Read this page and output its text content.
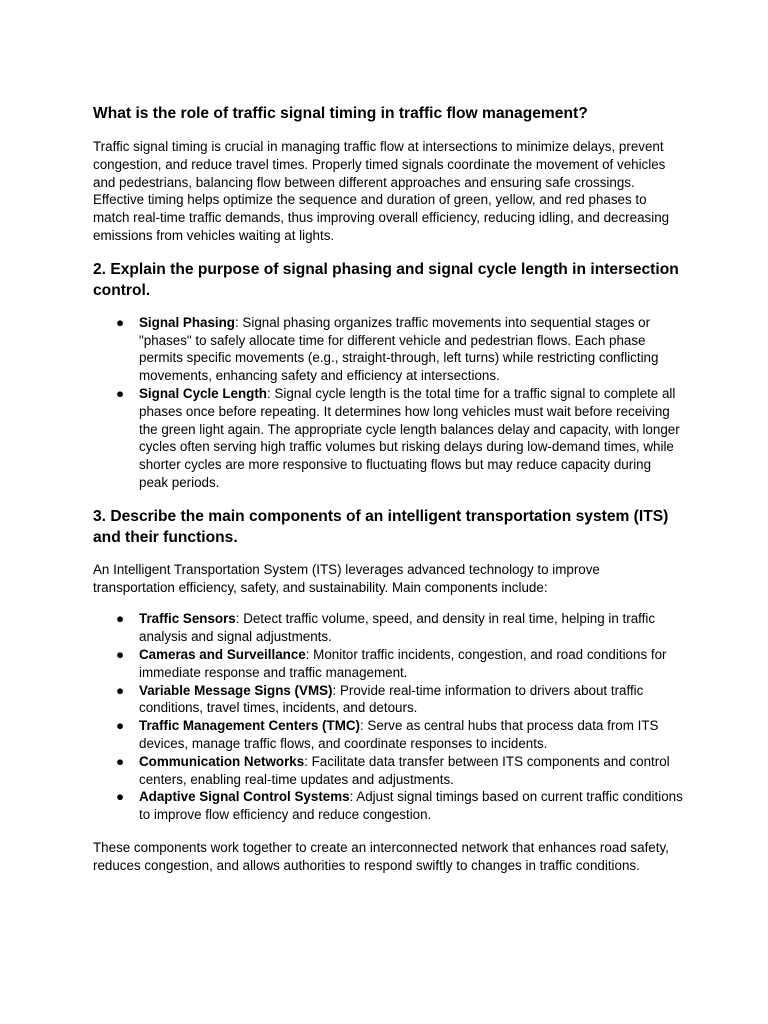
What is the role of traffic signal timing in traffic flow management?

Traffic signal timing is crucial in managing traffic flow at intersections to minimize delays, prevent congestion, and reduce travel times. Properly timed signals coordinate the movement of vehicles and pedestrians, balancing flow between different approaches and ensuring safe crossings. Effective timing helps optimize the sequence and duration of green, yellow, and red phases to match real-time traffic demands, thus improving overall efficiency, reducing idling, and decreasing emissions from vehicles waiting at lights.

2. Explain the purpose of signal phasing and signal cycle length in intersection control.
● Signal Phasing: Signal phasing organizes traffic movements into sequential stages or "phases" to safely allocate time for different vehicle and pedestrian flows. Each phase permits specific movements (e.g., straight-through, left turns) while restricting conflicting movements, enhancing safety and efficiency at intersections.
● Signal Cycle Length: Signal cycle length is the total time for a traffic signal to complete all phases once before repeating. It determines how long vehicles must wait before receiving the green light again. The appropriate cycle length balances delay and capacity, with longer cycles often serving high traffic volumes but risking delays during low-demand times, while shorter cycles are more responsive to fluctuating flows but may reduce capacity during peak periods.
3. Describe the main components of an intelligent transportation system (ITS) and their functions.

An Intelligent Transportation System (ITS) leverages advanced technology to improve transportation efficiency, safety, and sustainability. Main components include:

● Traffic Sensors: Detect traffic volume, speed, and density in real time, helping in traffic analysis and signal adjustments.
● Cameras and Surveillance: Monitor traffic incidents, congestion, and road conditions for immediate response and traffic management.
● Variable Message Signs (VMS): Provide real-time information to drivers about traffic conditions, travel times, incidents, and detours.
● Traffic Management Centers (TMC): Serve as central hubs that process data from ITS devices, manage traffic flows, and coordinate responses to incidents.
● Communication Networks: Facilitate data transfer between ITS components and control centers, enabling real-time updates and adjustments.
● Adaptive Signal Control Systems: Adjust signal timings based on current traffic conditions to improve flow efficiency and reduce congestion.

These components work together to create an interconnected network that enhances road safety, reduces congestion, and allows authorities to respond swiftly to changes in traffic conditions.
